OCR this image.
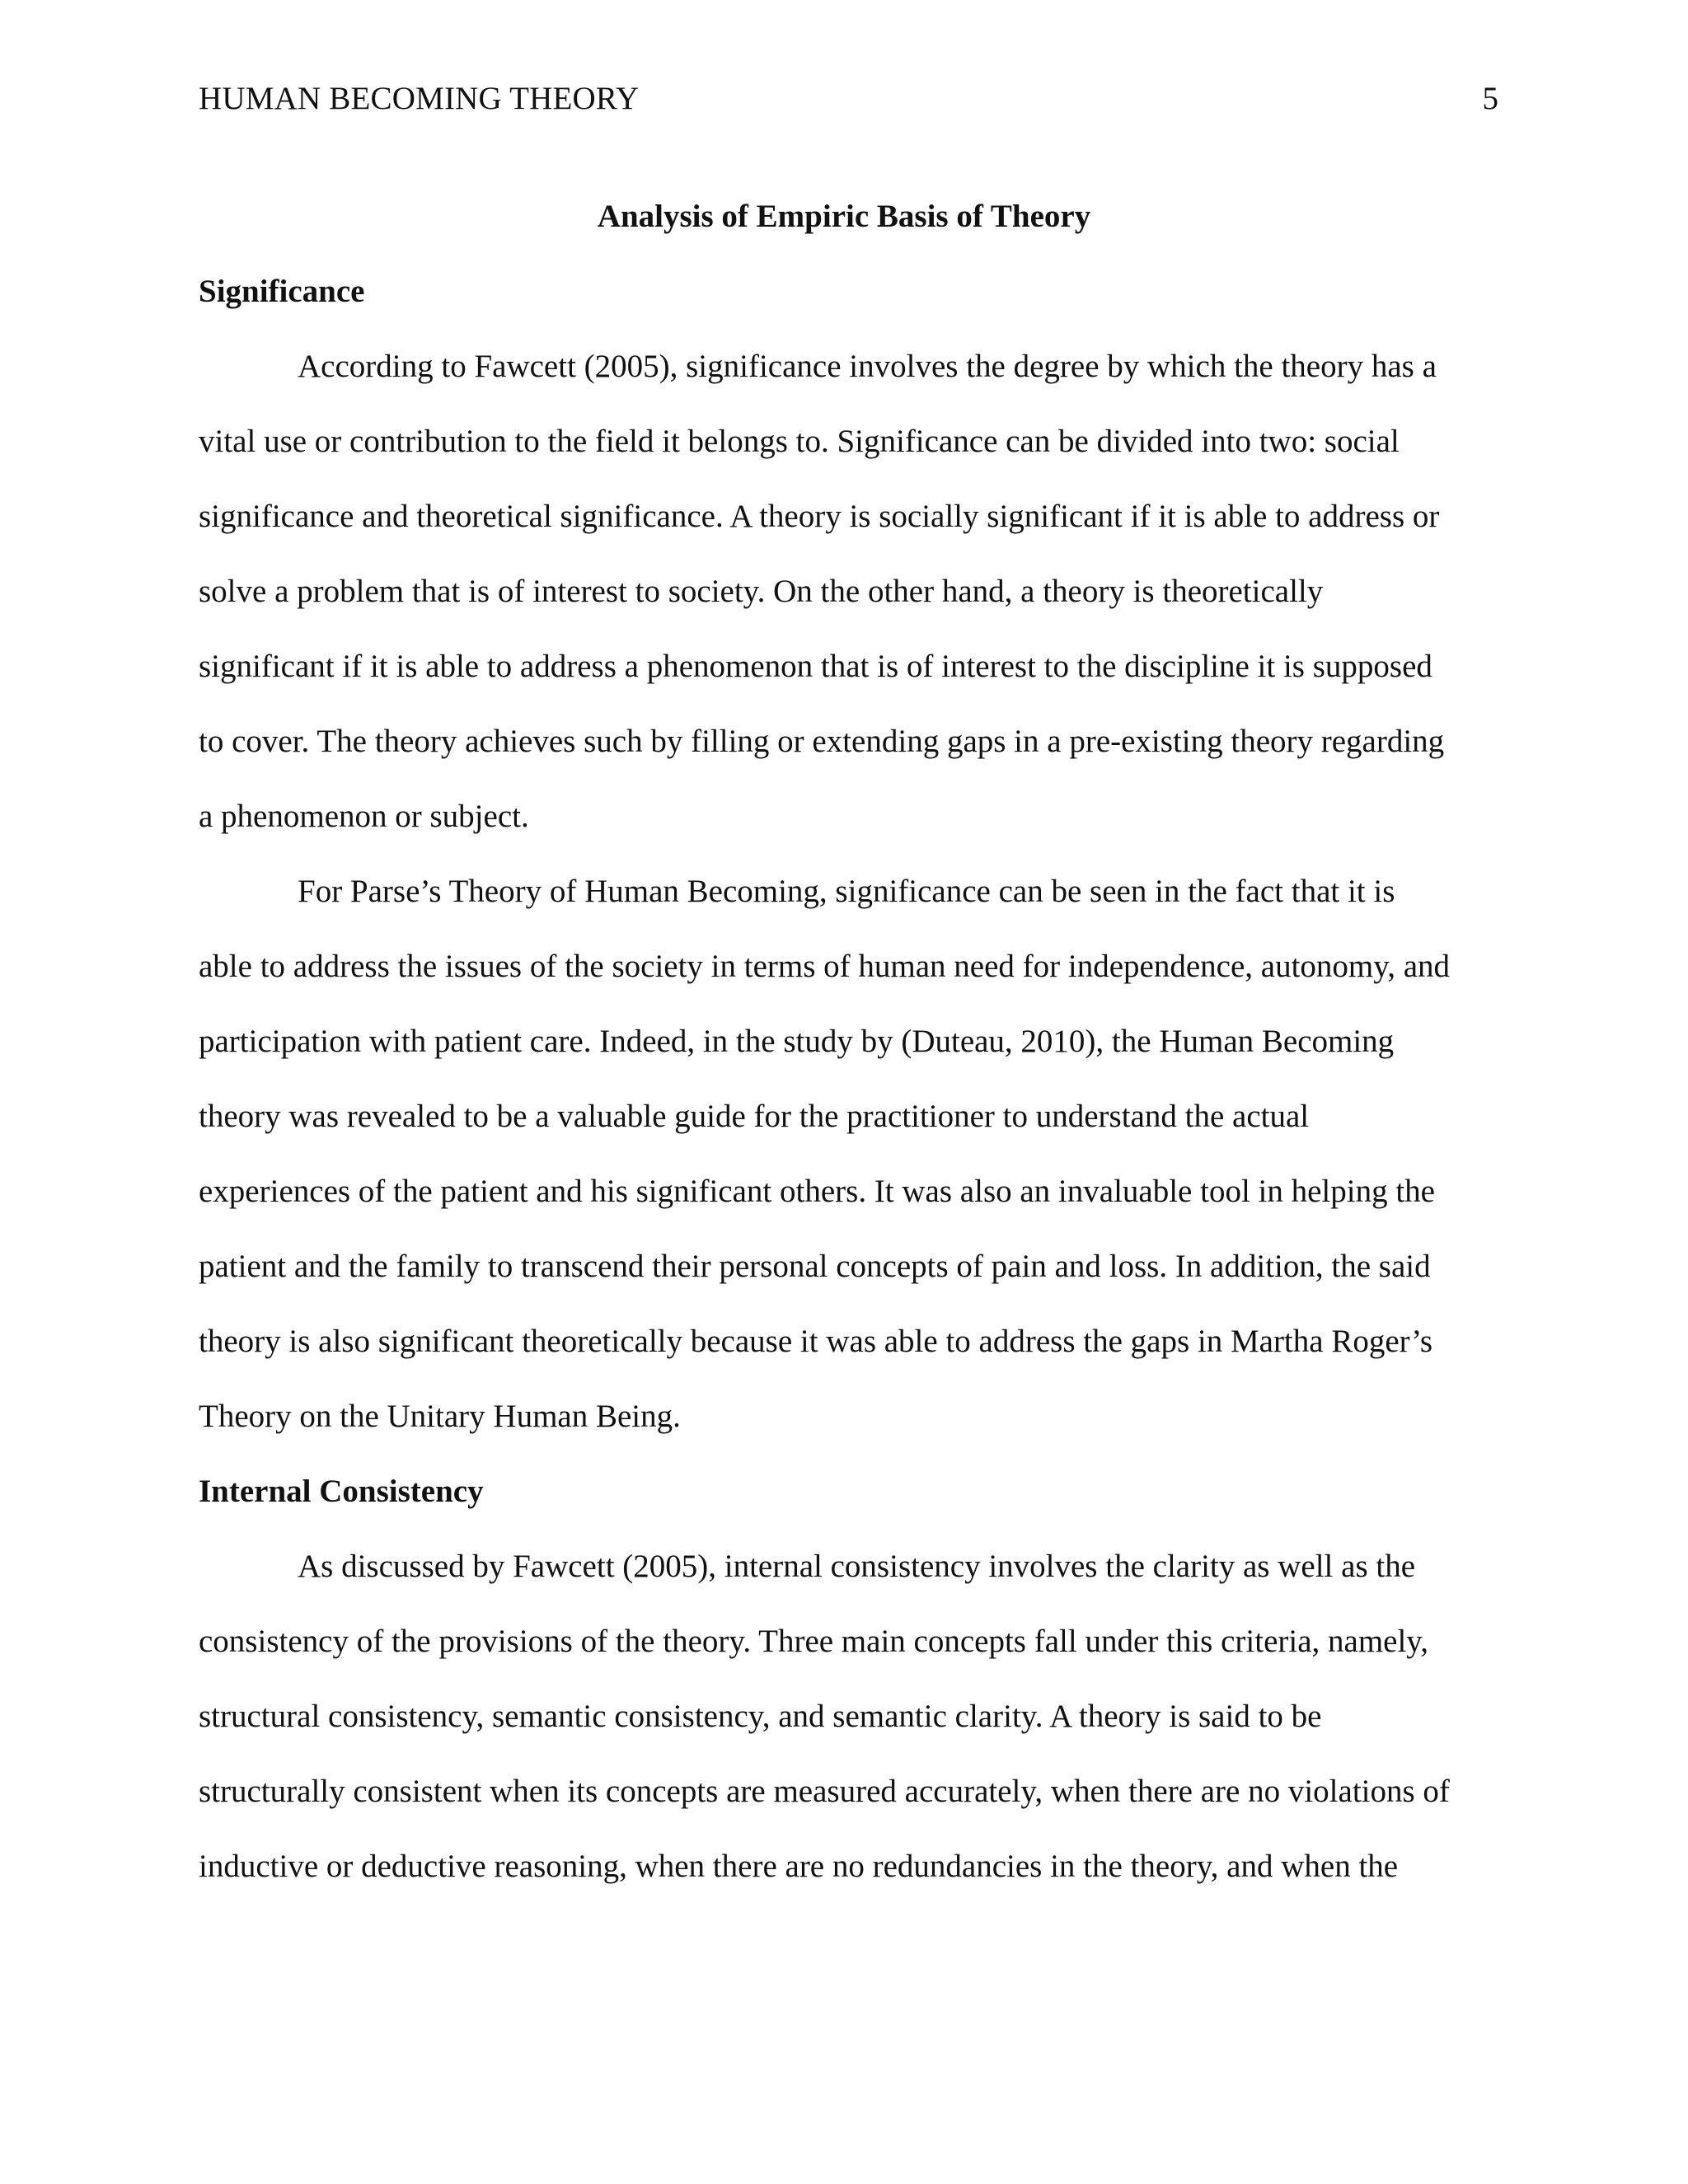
HUMAN BECOMING THEORY	5
Analysis of Empiric Basis of Theory
Significance
According to Fawcett (2005), significance involves the degree by which the theory has a
vital use or contribution to the field it belongs to. Significance can be divided into two: social
significance and theoretical significance. A theory is socially significant if it is able to address or
solve a problem that is of interest to society. On the other hand, a theory is theoretically
significant if it is able to address a phenomenon that is of interest to the discipline it is supposed
to cover. The theory achieves such by filling or extending gaps in a pre-existing theory regarding
a phenomenon or subject.
For Parse’s Theory of Human Becoming, significance can be seen in the fact that it is
able to address the issues of the society in terms of human need for independence, autonomy, and
participation with patient care. Indeed, in the study by (Duteau, 2010), the Human Becoming
theory was revealed to be a valuable guide for the practitioner to understand the actual
experiences of the patient and his significant others. It was also an invaluable tool in helping the
patient and the family to transcend their personal concepts of pain and loss. In addition, the said
theory is also significant theoretically because it was able to address the gaps in Martha Roger’s
Theory on the Unitary Human Being.
Internal Consistency
As discussed by Fawcett (2005), internal consistency involves the clarity as well as the
consistency of the provisions of the theory. Three main concepts fall under this criteria, namely,
structural consistency, semantic consistency, and semantic clarity. A theory is said to be
structurally consistent when its concepts are measured accurately, when there are no violations of
inductive or deductive reasoning, when there are no redundancies in the theory, and when the
